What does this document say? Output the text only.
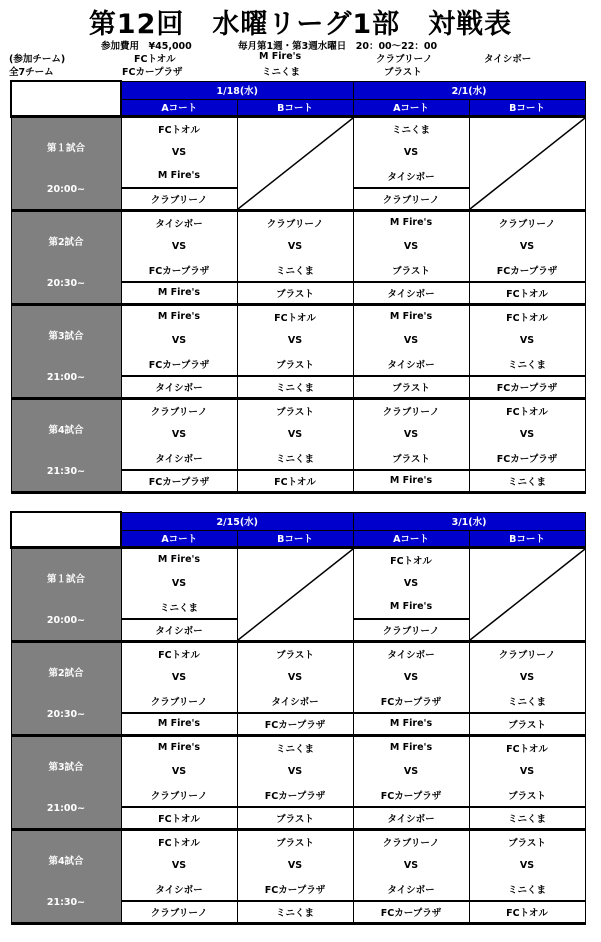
第12回　水曜リーグ1部　対戦表
参加費用　¥45,000	毎月第1週・第3週水曜日　20：00〜22：00
(参加チーム)	FCトオル	M Fire's	クラブリーノ	タイシボー
全7チーム	FCカープラザ	ミニくま	ブラスト
	1/18(水)		2/1(水)	
	Aコート	Bコート	Aコート	Bコート

第１試合
20:00~	FCトオル		ミニくま	

	VS		VS	
	M Fire's		タイシボー	
	クラブリーノ		クラブリーノ	

第2試合
20:30~	タイシボー	クラブリーノ	M Fire's	クラブリーノ
	VS	VS	VS	VS
	FCカープラザ	ミニくま	ブラスト	FCカープラザ
	M Fire's	ブラスト	タイシボー	FCトオル

第3試合
21:00~	M Fire's	FCトオル	M Fire's	FCトオル
	VS	VS	VS	VS
	FCカープラザ	ブラスト	タイシボー	ミニくま
	タイシボー	ミニくま	ブラスト	FCカープラザ

第4試合
21:30~	クラブリーノ	ブラスト	クラブリーノ	FCトオル
	VS	VS	VS	VS
	タイシボー	ミニくま	ブラスト	FCカープラザ
	FCカープラザ	FCトオル	M Fire's	ミニくま
	2/15(水)		3/1(水)	
	Aコート	Bコート	Aコート	Bコート

第１試合
20:00~	M Fire's		FCトオル	

	VS		VS	
	ミニくま		M Fire's	
	タイシボー		クラブリーノ	

第2試合
20:30~	FCトオル	ブラスト	タイシボー	クラブリーノ
	VS	VS	VS	VS
	クラブリーノ	タイシボー	FCカープラザ	ミニくま
	M Fire's	FCカープラザ	M Fire's	ブラスト

第3試合
21:00~	M Fire's	ミニくま	M Fire's	FCトオル
	VS	VS	VS	VS
	クラブリーノ	FCカープラザ	FCカープラザ	ブラスト
	FCトオル	ブラスト	タイシボー	ミニくま

第4試合
21:30~	FCトオル	ブラスト	クラブリーノ	ブラスト
	VS	VS	VS	VS
	タイシボー	FCカープラザ	タイシボー	ミニくま
	クラブリーノ	ミニくま	FCカープラザ	FCトオル
